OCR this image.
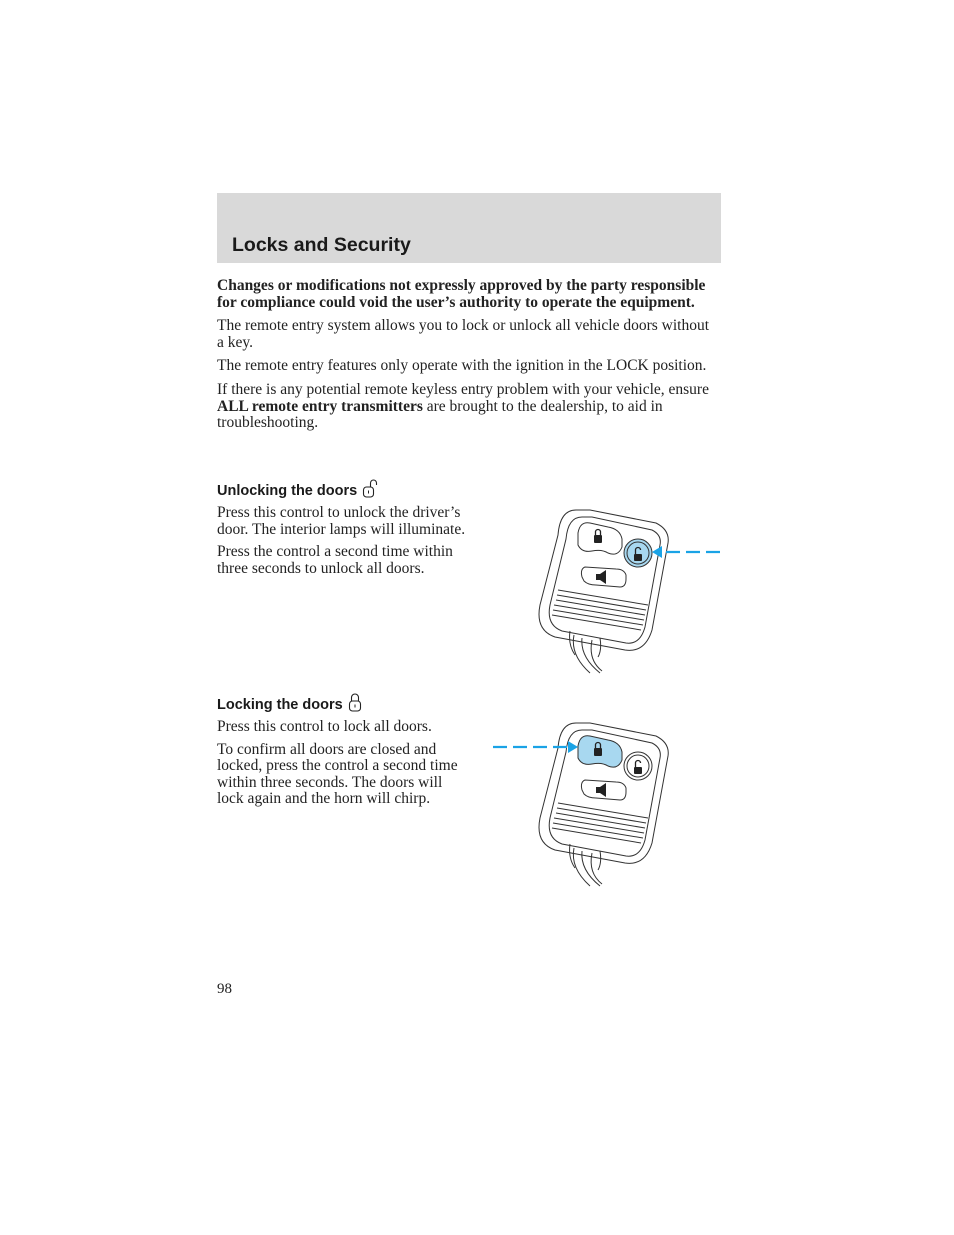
Locks and Security

Changes or modifications not expressly approved by the party responsible for compliance could void the user’s authority to operate the equipment.

The remote entry system allows you to lock or unlock all vehicle doors without a key.

The remote entry features only operate with the ignition in the LOCK position.

If there is any potential remote keyless entry problem with your vehicle, ensure ALL remote entry transmitters are brought to the dealership, to aid in troubleshooting.

Unlocking the doors

Press this control to unlock the driver’s door. The interior lamps will illuminate.

Press the control a second time within three seconds to unlock all doors.

Locking the doors

Press this control to lock all doors.

To confirm all doors are closed and locked, press the control a second time within three seconds. The doors will lock again and the horn will chirp.

98
